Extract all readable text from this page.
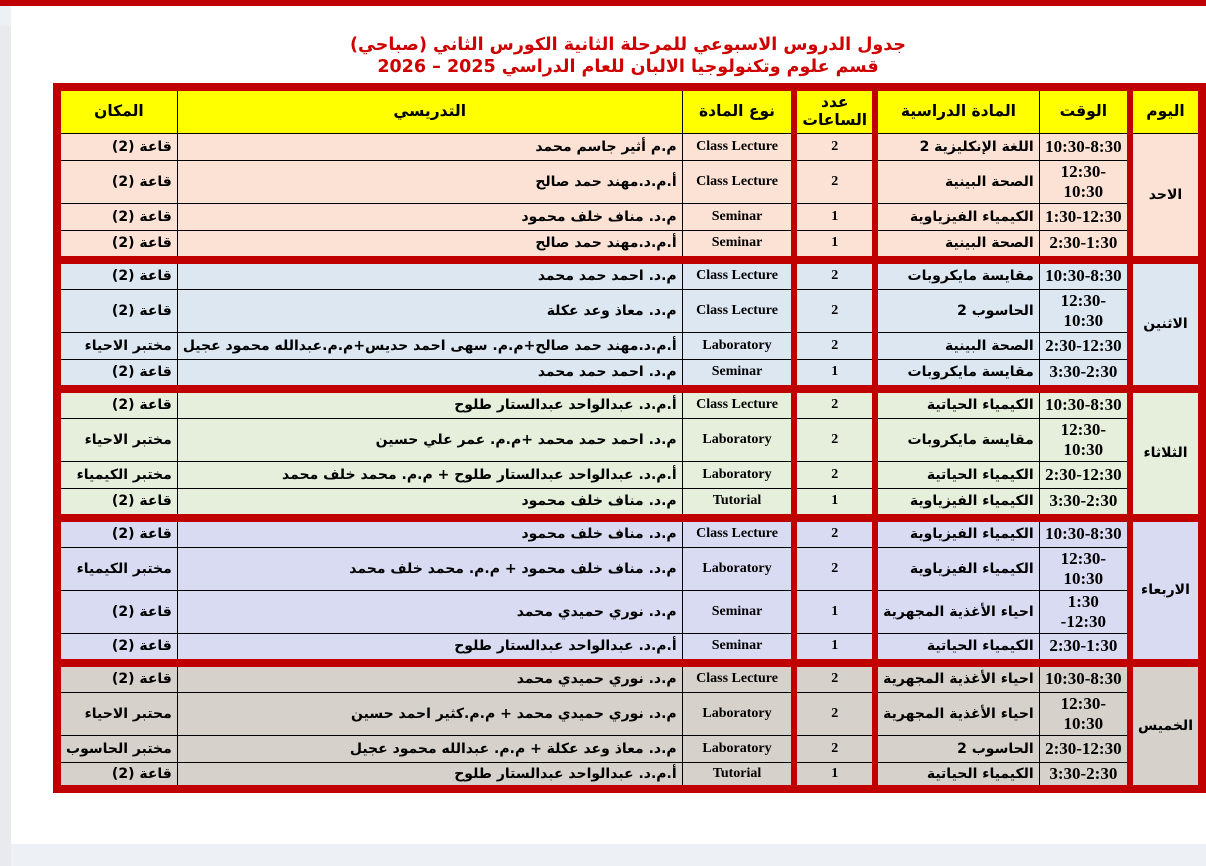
جدول الدروس الاسبوعي للمرحلة الثانية الكورس الثاني (صباحي)
قسم علوم وتكنولوجيا الالبان للعام الدراسي 2025 – 2026
اليوم	الوقت	المادة الدراسية	عدد الساعات	نوع المادة	التدريسي	المكان
الاحد	10:30-8:30	اللغة الإنكليزية 2	2	Class Lecture	م.م أثير جاسم محمد	قاعة (2)
	12:30-10:30	الصحة البينية	2	Class Lecture	أ.م.د.مهند حمد صالح	قاعة (2)
	1:30-12:30	الكيمياء الفيزياوية	1	Seminar	م.د. مناف خلف محمود	قاعة (2)
	2:30-1:30	الصحة البينية	1	Seminar	أ.م.د.مهند حمد صالح	قاعة (2)

الاثنين	10:30-8:30	مقايسة مايكروبات	2	Class Lecture	م.د. احمد حمد محمد	قاعة (2)
	12:30-10:30	الحاسوب 2	2	Class Lecture	م.د. معاذ وعد عكلة	قاعة (2)
	2:30-12:30	الصحة البينية	2	Laboratory	أ.م.د.مهند حمد صالح+م.م. سهى احمد حديس+م.م.عبدالله محمود عجيل	مختبر الاحياء
	3:30-2:30	مقايسة مايكروبات	1	Seminar	م.د. احمد حمد محمد	قاعة (2)

الثلاثاء	10:30-8:30	الكيمياء الحياتية	2	Class Lecture	أ.م.د. عبدالواحد عبدالستار طلوح	قاعة (2)
	12:30-10:30	مقايسة مايكروبات	2	Laboratory	م.د. احمد حمد محمد +م.م. عمر علي حسين	مختبر الاحياء
	2:30-12:30	الكيمياء الحياتية	2	Laboratory	أ.م.د. عبدالواحد عبدالستار طلوح + م.م. محمد خلف محمد	مختبر الكيمياء
	3:30-2:30	الكيمياء الفيزياوية	1	Tutorial	م.د. مناف خلف محمود	قاعة (2)

الاربعاء	10:30-8:30	الكيمياء الفيزياوية	2	Class Lecture	م.د. مناف خلف محمود	قاعة (2)
	12:30-10:30	الكيمياء الفيزياوية	2	Laboratory	م.د. مناف خلف محمود + م.م. محمد خلف محمد	مختبر الكيمياء
	1:30 -12:30	احياء الأغذية المجهرية	1	Seminar	م.د. نوري حميدي محمد	قاعة (2)
	2:30-1:30	الكيمياء الحياتية	1	Seminar	أ.م.د. عبدالواحد عبدالستار طلوح	قاعة (2)

الخميس	10:30-8:30	احياء الأغذية المجهرية	2	Class Lecture	م.د. نوري حميدي محمد	قاعة (2)
	12:30-10:30	احياء الأغذية المجهرية	2	Laboratory	م.د. نوري حميدي محمد + م.م.كثير احمد حسين	محتبر الاحياء
	2:30-12:30	الحاسوب 2	2	Laboratory	م.د. معاذ وعد عكلة + م.م. عبدالله محمود عجيل	مختبر الحاسوب
	3:30-2:30	الكيمياء الحياتية	1	Tutorial	أ.م.د. عبدالواحد عبدالستار طلوح	قاعة (2)
